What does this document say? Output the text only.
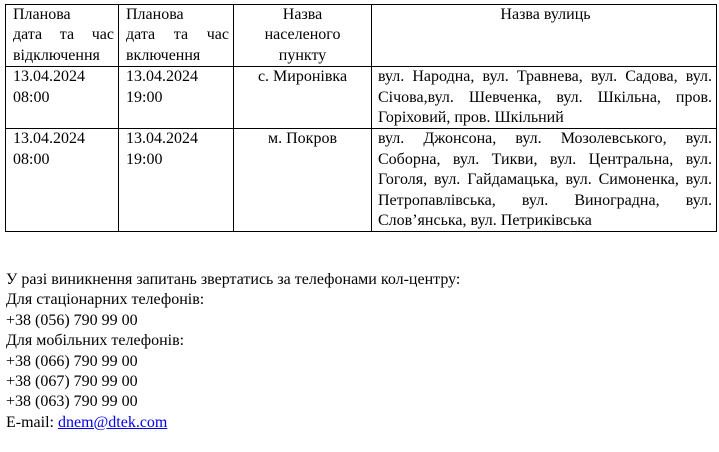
Планова
дата та час
відключення	Планова
дата та час
включення	Назва
населеного
пункту	Назва вулиць

13.04.2024
08:00	13.04.2024
19:00	с. Миронівка	вул. Народна, вул. Травнева, вул. Садова, вул. Січова,вул. Шевченка, вул. Шкільна, пров. Горіховий, пров. Шкільний

13.04.2024
08:00	13.04.2024
19:00	м. Покров	вул. Джонсона, вул. Мозолевського, вул. Соборна, вул. Тикви, вул. Центральна, вул. Гоголя, вул. Гайдамацька, вул. Симоненка, вул. Петропавлівська, вул. Виноградна, вул. Слов’янська, вул. Петриківська
У разі виникнення запитань звертатись за телефонами кол-центру:
Для стаціонарних телефонів:
+38 (056) 790 99 00
Для мобільних телефонів:
+38 (066) 790 99 00
+38 (067) 790 99 00
+38 (063) 790 99 00
E-mail: dnem@dtek.com
